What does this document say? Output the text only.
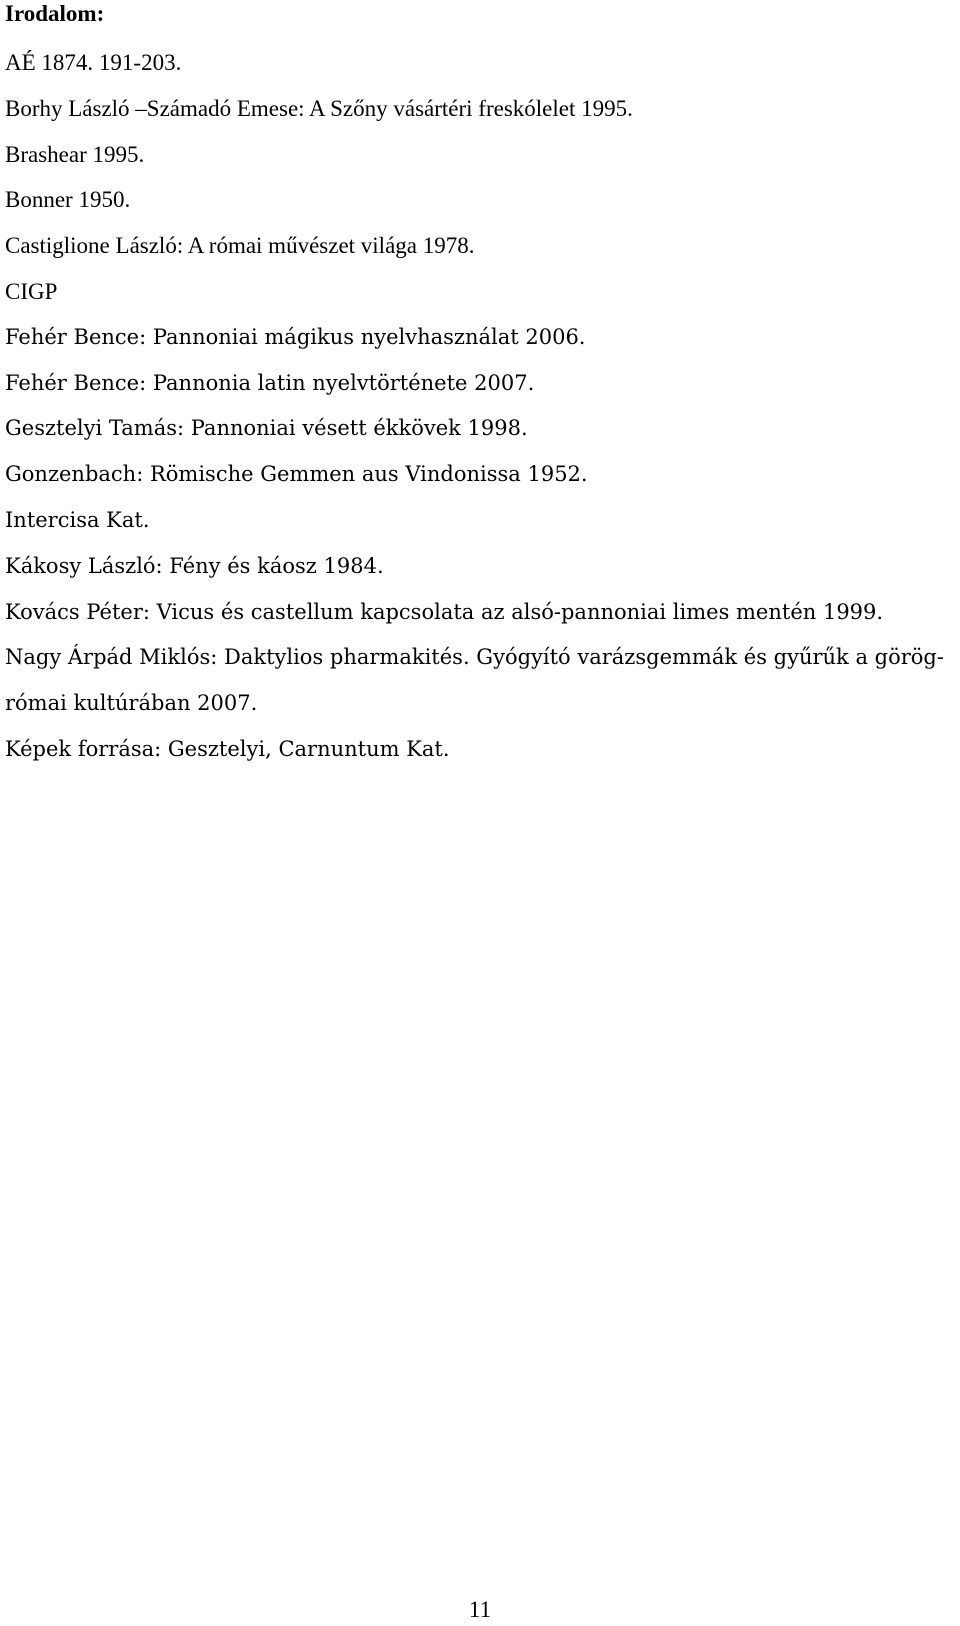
Irodalom:
AÉ 1874. 191-203.
Borhy László –Számadó Emese: A Szőny vásártéri freskólelet 1995.
Brashear 1995.
Bonner 1950.
Castiglione László: A római művészet világa 1978.
CIGP
Fehér Bence: Pannoniai mágikus nyelvhasználat 2006.
Fehér Bence: Pannonia latin nyelvtörténete 2007.
Gesztelyi Tamás: Pannoniai vésett ékkövek 1998.
Gonzenbach: Römische Gemmen aus Vindonissa 1952.
Intercisa Kat.
Kákosy László: Fény és káosz 1984.
Kovács Péter: Vicus és castellum kapcsolata az alsó-pannoniai limes mentén 1999.
Nagy Árpád Miklós: Daktylios pharmakités. Gyógyító varázsgemmák és gyűrűk a görög-római kultúrában 2007.
Képek forrása: Gesztelyi, Carnuntum Kat.
11
